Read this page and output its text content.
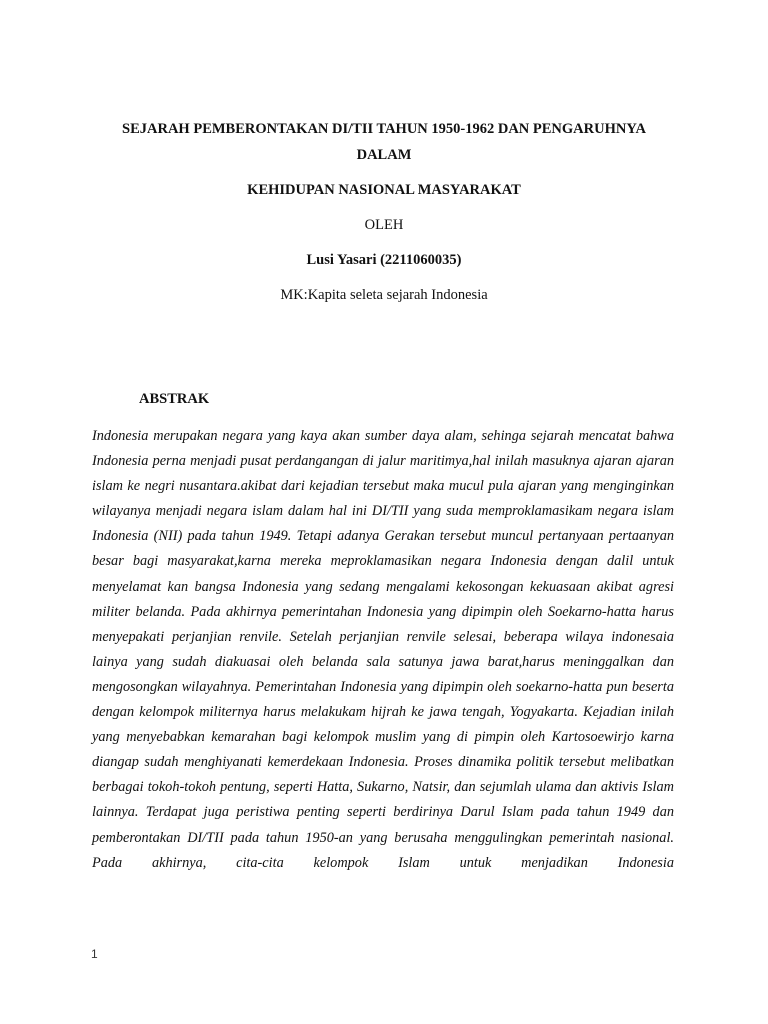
SEJARAH PEMBERONTAKAN DI/TII TAHUN 1950-1962 DAN PENGARUHNYA
DALAM
KEHIDUPAN NASIONAL MASYARAKAT
OLEH
Lusi Yasari (2211060035)
MK:Kapita seleta sejarah Indonesia
ABSTRAK

Indonesia merupakan negara yang kaya akan sumber daya alam, sehinga sejarah mencatat bahwa Indonesia perna menjadi pusat perdangangan di jalur maritimya,hal inilah masuknya ajaran ajaran islam ke negri nusantara.akibat dari kejadian tersebut maka mucul pula ajaran yang menginginkan wilayanya menjadi negara islam dalam hal ini DI/TII yang suda memproklamasikam negara islam Indonesia (NII) pada tahun 1949. Tetapi adanya Gerakan tersebut muncul pertanyaan pertaanyan besar bagi masyarakat,karna mereka meproklamasikan negara Indonesia dengan dalil untuk menyelamat kan bangsa Indonesia yang sedang mengalami kekosongan kekuasaan akibat agresi militer belanda. Pada akhirnya pemerintahan Indonesia yang dipimpin oleh Soekarno-hatta harus menyepakati perjanjian renvile. Setelah perjanjian renvile selesai, beberapa wilaya indonesaia lainya yang sudah diakuasai oleh belanda sala satunya jawa barat,harus meninggalkan dan mengosongkan wilayahnya. Pemerintahan Indonesia yang dipimpin oleh soekarno-hatta pun beserta dengan kelompok militernya harus melakukam hijrah ke jawa tengah, Yogyakarta. Kejadian inilah yang menyebabkan kemarahan bagi kelompok muslim yang di pimpin oleh Kartosoewirjo karna diangap sudah menghiyanati kemerdekaan Indonesia. Proses dinamika politik tersebut melibatkan berbagai tokoh-tokoh pentung, seperti Hatta, Sukarno, Natsir, dan sejumlah ulama dan aktivis Islam lainnya. Terdapat juga peristiwa penting seperti berdirinya Darul Islam pada tahun 1949 dan pemberontakan DI/TII pada tahun 1950-an yang berusaha menggulingkan pemerintah nasional. Pada akhirnya, cita-cita kelompok Islam untuk menjadikan Indonesia

1
